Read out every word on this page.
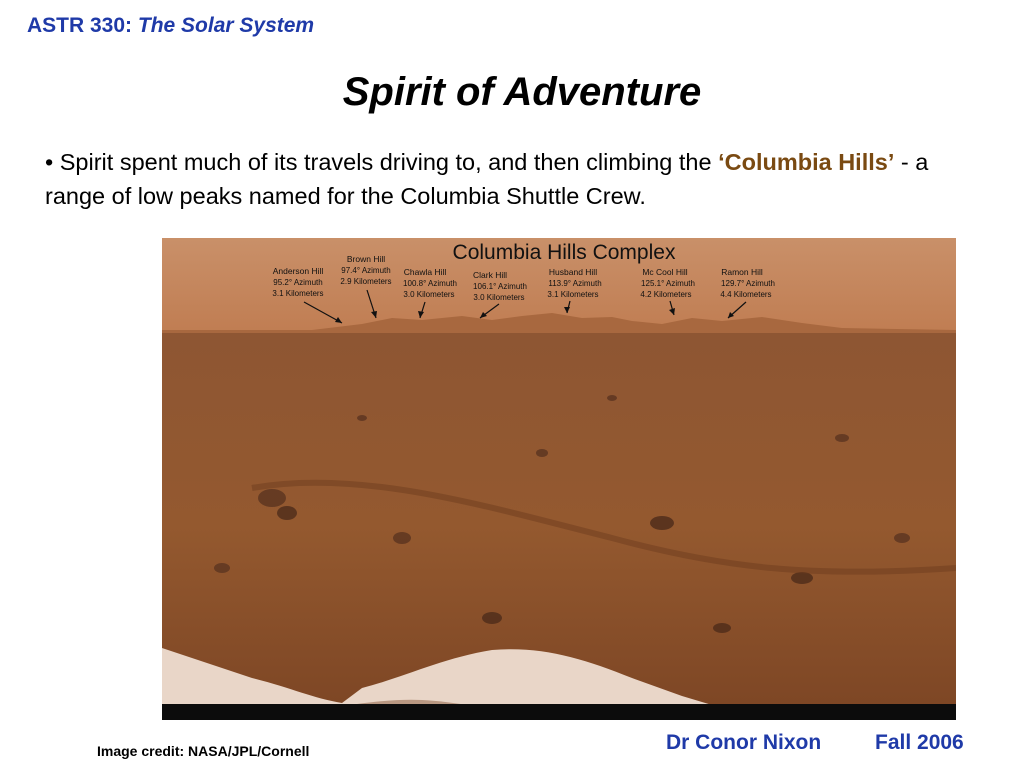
ASTR 330: The Solar System
Spirit of Adventure
• Spirit spent much of its travels driving to, and then climbing the ‘Columbia Hills’ - a range of low peaks named for the Columbia Shuttle Crew.
Columbia Hills Complex
Anderson Hill
95.2° Azimuth
3.1 Kilometers
Brown Hill
97.4° Azimuth
2.9 Kilometers
Chawla Hill
100.8° Azimuth
3.0 Kilometers
Clark Hill
106.1° Azimuth
3.0 Kilometers
Husband Hill
113.9° Azimuth
3.1 Kilometers
Mc Cool Hill
125.1° Azimuth
4.2 Kilometers
Ramon Hill
129.7° Azimuth
4.4 Kilometers
Image credit: NASA/JPL/Cornell	Dr Conor Nixon	Fall 2006
